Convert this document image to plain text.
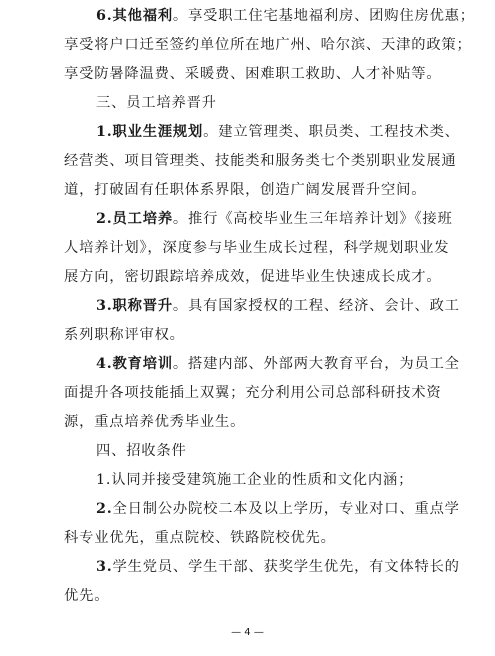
6.其他福利。享受职工住宅基地福利房、团购住房优惠；
享受将户口迁至签约单位所在地广州、哈尔滨、天津的政策；
享受防暑降温费、采暖费、困难职工救助、人才补贴等。
三、员工培养晋升
1.职业生涯规划。建立管理类、职员类、工程技术类、
经营类、项目管理类、技能类和服务类七个类别职业发展通
道，打破固有任职体系界限，创造广阔发展晋升空间。
2.员工培养。推行《高校毕业生三年培养计划》《接班
人培养计划》，深度参与毕业生成长过程，科学规划职业发
展方向，密切跟踪培养成效，促进毕业生快速成长成才。
3.职称晋升。具有国家授权的工程、经济、会计、政工
系列职称评审权。
4.教育培训。搭建内部、外部两大教育平台，为员工全
面提升各项技能插上双翼；充分利用公司总部科研技术资
源，重点培养优秀毕业生。
四、招收条件
1.认同并接受建筑施工企业的性质和文化内涵；
2.全日制公办院校二本及以上学历，专业对口、重点学
科专业优先，重点院校、铁路院校优先。
3.学生党员、学生干部、获奖学生优先，有文体特长的
— 4 —
优先。
